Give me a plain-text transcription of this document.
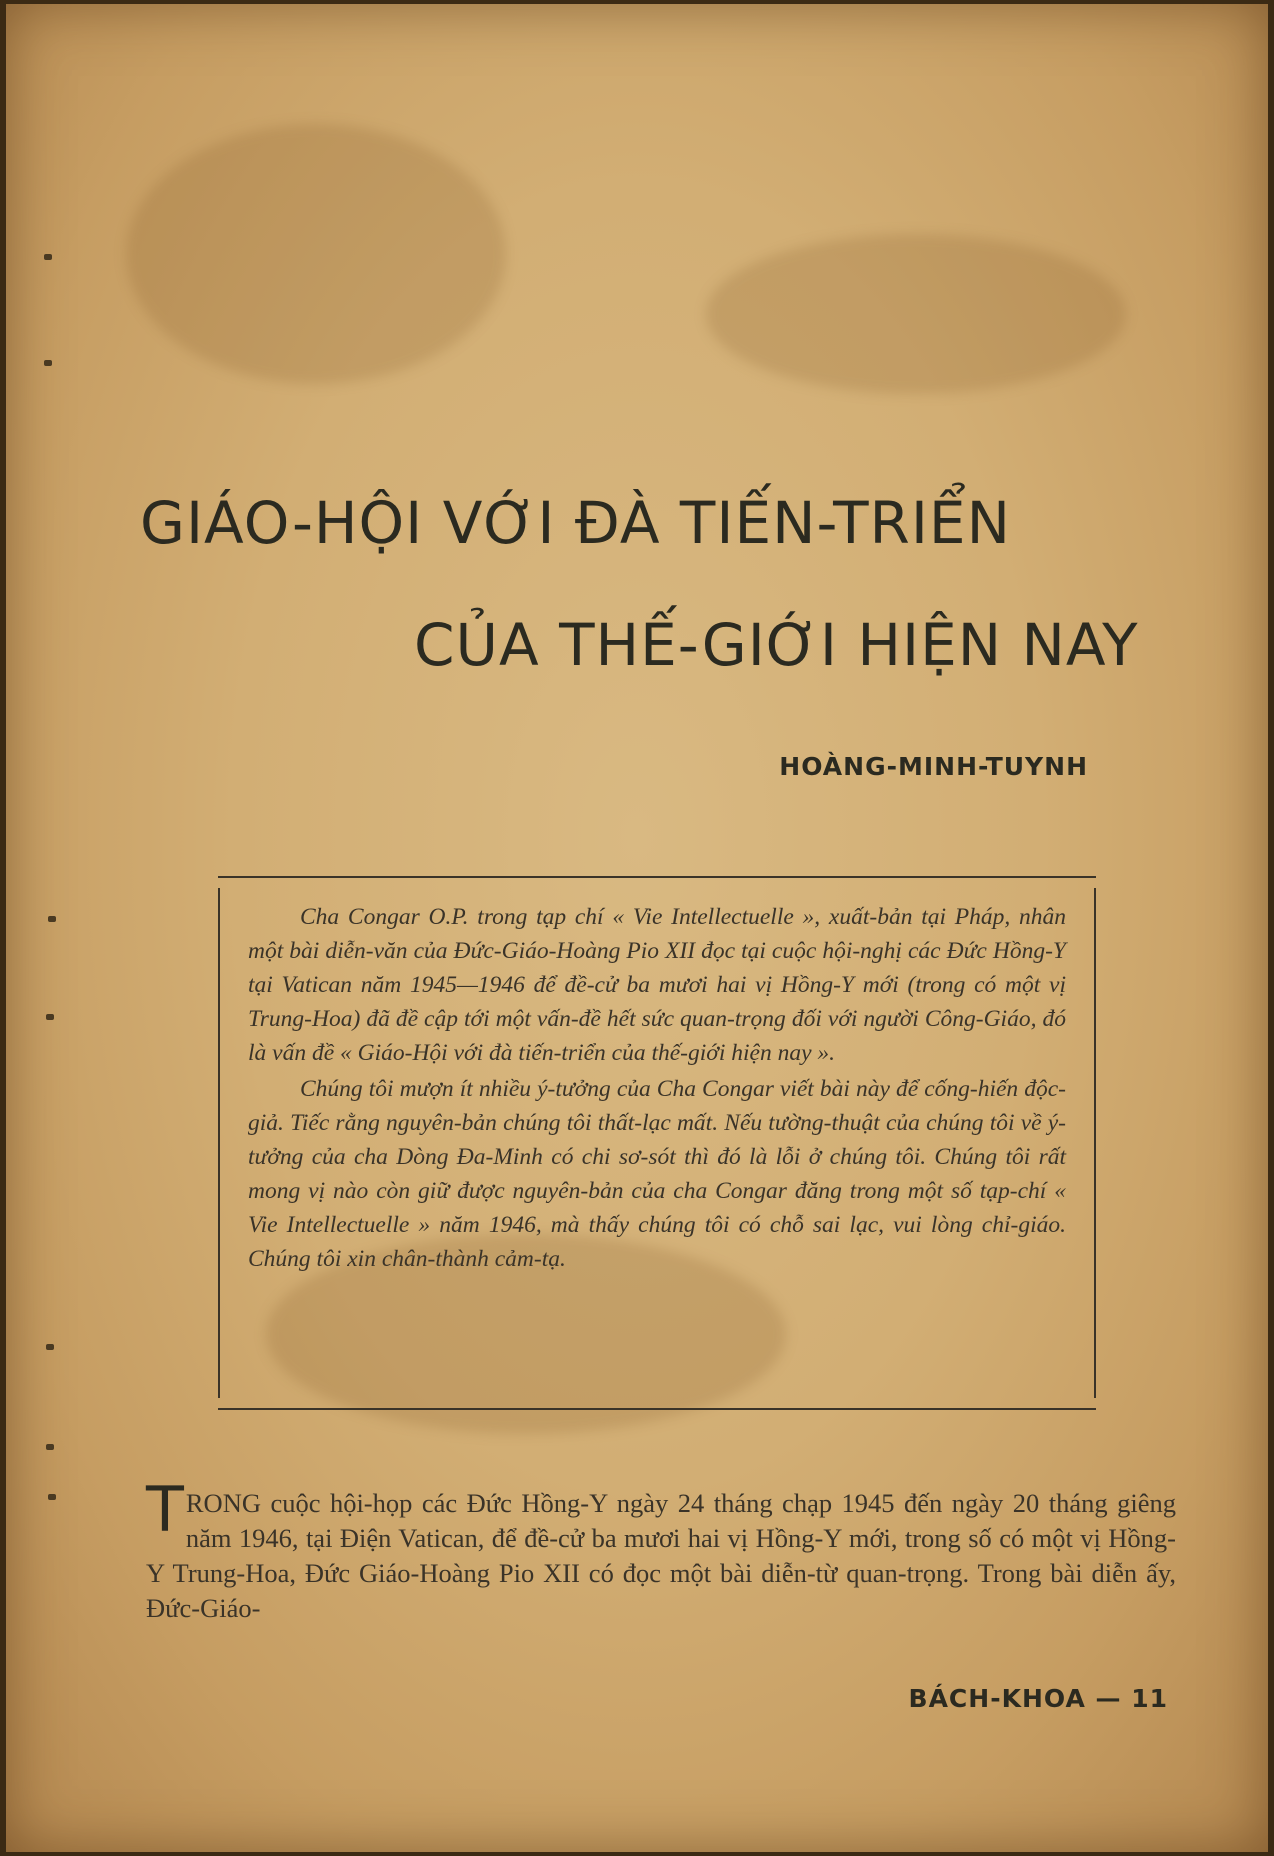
GIÁO-HỘI VỚI ĐÀ TIẾN-TRIỂN
CỦA THẾ-GIỚI HIỆN NAY
HOÀNG-MINH-TUYNH

Cha Congar O.P. trong tạp chí « Vie Intellectuelle », xuất-bản tại Pháp, nhân một bài diễn-văn của Đức-Giáo-Hoàng Pio XII đọc tại cuộc hội-nghị các Đức Hồng-Y tại Vatican năm 1945—1946 để đề-cử ba mươi hai vị Hồng-Y mới (trong có một vị Trung-Hoa) đã đề cập tới một vấn-đề hết sức quan-trọng đối với người Công-Giáo, đó là vấn đề « Giáo-Hội với đà tiến-triển của thế-giới hiện nay ».

Chúng tôi mượn ít nhiều ý-tưởng của Cha Congar viết bài này để cống-hiến độc-giả. Tiếc rằng nguyên-bản chúng tôi thất-lạc mất. Nếu tường-thuật của chúng tôi về ý-tưởng của cha Dòng Đa-Minh có chi sơ-sót thì đó là lỗi ở chúng tôi. Chúng tôi rất mong vị nào còn giữ được nguyên-bản của cha Congar đăng trong một số tạp-chí « Vie Intellectuelle » năm 1946, mà thấy chúng tôi có chỗ sai lạc, vui lòng chỉ-giáo. Chúng tôi xin chân-thành cảm-tạ.

TRONG cuộc hội-họp các Đức Hồng-Y ngày 24 tháng chạp 1945 đến ngày 20 tháng giêng năm 1946, tại Điện Vatican, để đề-cử ba mươi hai vị Hồng-Y mới, trong số có một vị Hồng-Y Trung-Hoa, Đức Giáo-Hoàng Pio XII có đọc một bài diễn-từ quan-trọng. Trong bài diễn ấy, Đức-Giáo-

BÁCH-KHOA — 11
